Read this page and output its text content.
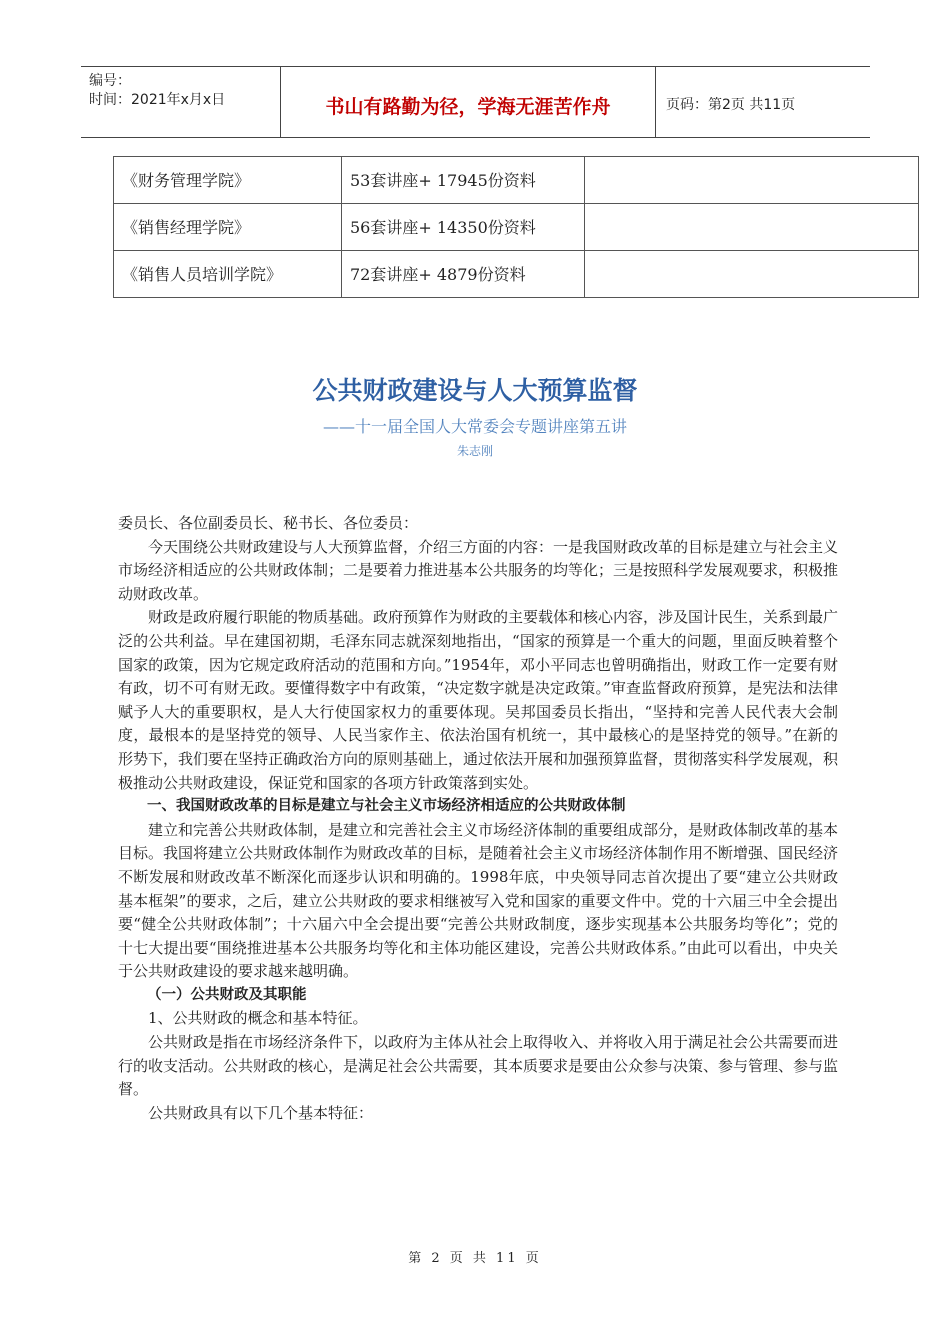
编号：
时间：2021年x月x日	书山有路勤为径，学海无涯苦作舟	页码：第2页 共11页
《财务管理学院》	53套讲座+ 17945份资料	
《销售经理学院》	56套讲座+ 14350份资料	
《销售人员培训学院》	72套讲座+ 4879份资料	
公共财政建设与人大预算监督
——十一届全国人大常委会专题讲座第五讲
朱志刚

委员长、各位副委员长、秘书长、各位委员：

今天围绕公共财政建设与人大预算监督，介绍三方面的内容：一是我国财政改革的目标是建立与社会主义市场经济相适应的公共财政体制；二是要着力推进基本公共服务的均等化；三是按照科学发展观要求，积极推动财政改革。

财政是政府履行职能的物质基础。政府预算作为财政的主要载体和核心内容，涉及国计民生，关系到最广泛的公共利益。早在建国初期，毛泽东同志就深刻地指出，“国家的预算是一个重大的问题，里面反映着整个国家的政策，因为它规定政府活动的范围和方向。”1954年，邓小平同志也曾明确指出，财政工作一定要有财有政，切不可有财无政。要懂得数字中有政策，“决定数字就是决定政策。”审查监督政府预算，是宪法和法律赋予人大的重要职权，是人大行使国家权力的重要体现。吴邦国委员长指出，“坚持和完善人民代表大会制度，最根本的是坚持党的领导、人民当家作主、依法治国有机统一，其中最核心的是坚持党的领导。”在新的形势下，我们要在坚持正确政治方向的原则基础上，通过依法开展和加强预算监督，贯彻落实科学发展观，积极推动公共财政建设，保证党和国家的各项方针政策落到实处。

一、我国财政改革的目标是建立与社会主义市场经济相适应的公共财政体制

建立和完善公共财政体制，是建立和完善社会主义市场经济体制的重要组成部分，是财政体制改革的基本目标。我国将建立公共财政体制作为财政改革的目标，是随着社会主义市场经济体制作用不断增强、国民经济不断发展和财政改革不断深化而逐步认识和明确的。1998年底，中央领导同志首次提出了要“建立公共财政基本框架”的要求，之后，建立公共财政的要求相继被写入党和国家的重要文件中。党的十六届三中全会提出要“健全公共财政体制”；十六届六中全会提出要“完善公共财政制度，逐步实现基本公共服务均等化”；党的十七大提出要“围绕推进基本公共服务均等化和主体功能区建设，完善公共财政体系。”由此可以看出，中央关于公共财政建设的要求越来越明确。

（一）公共财政及其职能

1、公共财政的概念和基本特征。

公共财政是指在市场经济条件下，以政府为主体从社会上取得收入、并将收入用于满足社会公共需要而进行的收支活动。公共财政的核心，是满足社会公共需要，其本质要求是要由公众参与决策、参与管理、参与监督。

公共财政具有以下几个基本特征：

第 2 页 共 11 页
